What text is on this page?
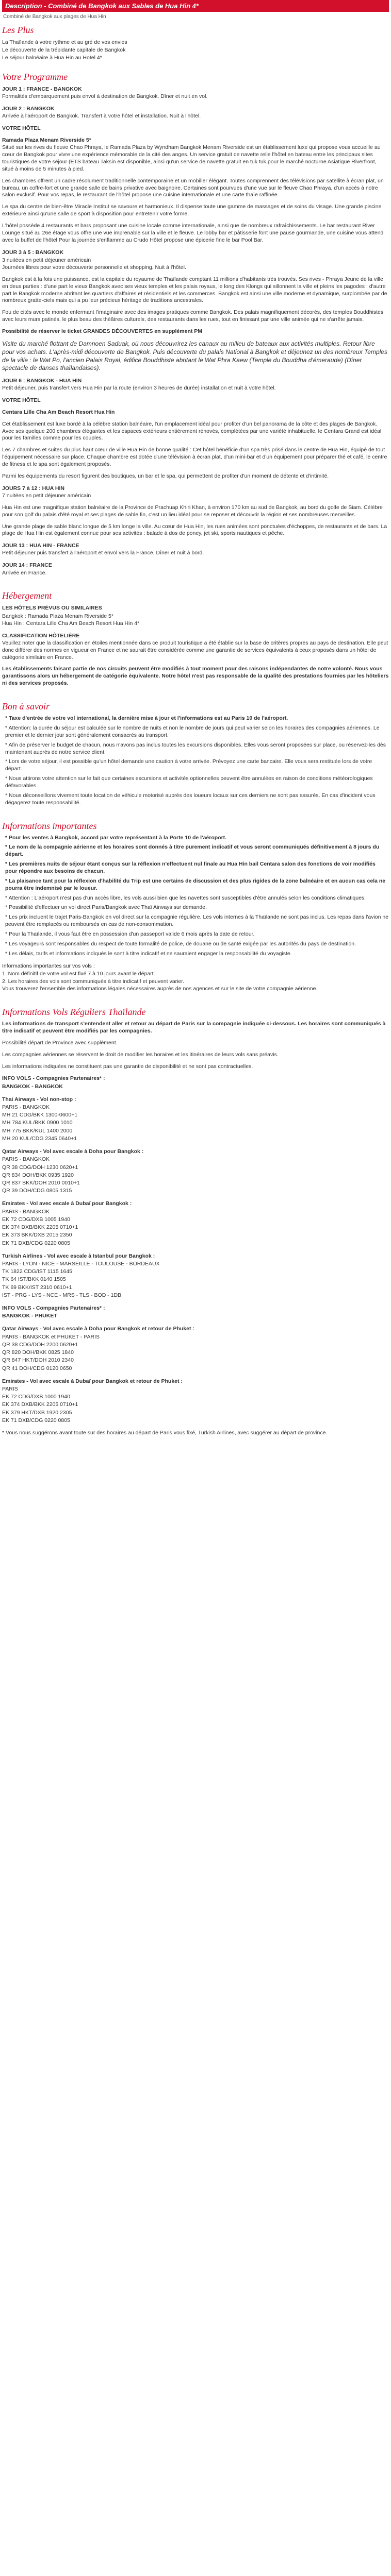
Description - Combiné de Bangkok aux Sables de Hua Hin 4*
Combiné de Bangkok aux plages de Hua Hin
Les Plus

La Thaïlande à votre rythme et au gré de vos envies

Le découverte de la trépidante capitale de Bangkok

Le séjour balnéaire à Hua Hin au Hotel 4*

Votre Programme

JOUR 1 : FRANCE - BANGKOK

Formalités d'embarquement puis envol à destination de Bangkok. Dîner et nuit en vol.

JOUR 2 : BANGKOK

Arrivée à l'aéroport de Bangkok. Transfert à votre hôtel et installation. Nuit à l'hôtel.

VOTRE HÔTEL

Ramada Plaza Menam Riverside 5*

Situé sur les rives du fleuve Chao Phraya, le Ramada Plaza by Wyndham Bangkok Menam Riverside est un établissement luxe qui propose vous accueille au cœur de Bangkok pour vivre une expérience mémorable de la cité des anges. Un service gratuit de navette relie l'hôtel en bateau entre les principaux sites touristiques de votre séjour (ETS bateau Taksin est disponible, ainsi qu'un service de navette gratuit en tuk tuk pour le marché nocturne Asiatique Riverfront, situé à moins de 5 minutes à pied.

Les chambres offrent un cadre résolument traditionnelle contemporaine et un mobilier élégant. Toutes comprennent des télévisions par satellite à écran plat, un bureau, un coffre-fort et une grande salle de bains privative avec baignoire. Certaines sont pourvues d'une vue sur le fleuve Chao Phraya, d'un accès à notre salon exclusif. Pour vos repas, le restaurant de l'hôtel propose une cuisine internationale et une carte thaïe raffinée.

Le spa du centre de bien-être Miracle Institut se savoure et harmonieux. Il dispense toute une gamme de massages et de soins du visage. Une grande piscine extérieure ainsi qu'une salle de sport à disposition pour entretenir votre forme.

L'hôtel possède 4 restaurants et bars proposant une cuisine locale comme internationale, ainsi que de nombreux rafraîchissements. Le bar restaurant River Lounge situé au 26e étage vous offre une vue imprenable sur la ville et le fleuve. Le lobby bar et pâtisserie font une pause gourmande, une cuisine vous attend avec la buffet de l'hôtel Pour la journée s'enflamme au Crudo Hôtel propose une épicerie fine le bar Pool Bar.

JOUR 3 à 5 : BANGKOK

3 nuitées en petit déjeuner américain

Journées libres pour votre découverte personnelle et shopping. Nuit à l'hôtel.

Bangkok est à la fois une puissance, est la capitale du royaume de Thaïlande comptant 11 millions d'habitants très trouvés. Ses rives - Phraya Jeune de la ville en deux parties : d'une part le vieux Bangkok avec ses vieux temples et les palais royaux, le long des Klongs qui sillonnent la ville et pleins les pagodes ; d'autre part le Bangkok moderne abritant les quartiers d'affaires et résidentiels et les commerces. Bangkok est ainsi une ville moderne et dynamique, surplombée par de nombreux gratte-ciels mais qui a pu leur précieux héritage de traditions ancestrales.

Fou de cités avec le monde enfermant l'imaginaire avec des images pratiques comme Bangkok. Des palais magnifiquement décorés, des temples Bouddhistes avec leurs murs patinés, le plus beau des théâtres culturels, des restaurants dans les rues, tout en finissant par une ville animée qui ne s'arrête jamais.

Possibilité de réserver le ticket GRANDES DÉCOUVERTES en supplément PM

Visite du marché flottant de Damnoen Saduak, où nous découvrirez les canaux au milieu de bateaux aux activités multiples. Retour libre pour vos achats. L'après-midi découverte de Bangkok. Puis découverte du palais National à Bangkok et déjeunez un des nombreux Temples de la ville : le Wat Po, l'ancien Palais Royal, édifice Bouddhiste abritant le Wat Phra Kaew (Temple du Bouddha d'émeraude) (Dîner spectacle de danses thaïlandaises).

JOUR 6 : BANGKOK - HUA HIN

Petit déjeuner, puis transfert vers Hua Hin par la route (environ 3 heures de durée) installation et nuit à votre hôtel.

VOTRE HÔTEL

Centara Lille Cha Am Beach Resort Hua Hin

Cet établissement est luxe bordé à la célèbre station balnéaire, l'un emplacement idéal pour profiter d'un bel panorama de la côte et des plages de Bangkok. Avec ses quelque 200 chambres élégantes et les espaces extérieurs entièrement rénovés, complétées par une variété inhabituelle, le Centara Grand est idéal pour les familles comme pour les couples.

Les 7 chambres et suites du plus haut cœur de ville Hua Hin de bonne qualité : Cet hôtel bénéficie d'un spa très prisé dans le centre de Hua Hin, équipé de tout l'équipement nécessaire sur place. Chaque chambre est dotée d'une télévision à écran plat, d'un mini-bar et d'un équipement pour préparer thé et café, le centre de fitness et le spa sont également proposés.

Parmi les équipements du resort figurent des boutiques, un bar et le spa, qui permettent de profiter d'un moment de détente et d'intimité.

JOURS 7 à 12 : HUA HIN

7 nuitées en petit déjeuner américain

Hua Hin est une magnifique station balnéaire de la Province de Prachuap Khiri Khan, à environ 170 km au sud de Bangkok, au bord du golfe de Siam. Célèbre pour son golf du palais d'été royal et ses plages de sable fin, c'est un lieu idéal pour se reposer et découvrir la région et ses nombreuses merveilles.

Une grande plage de sable blanc longue de 5 km longe la ville. Au cœur de Hua Hin, les rues animées sont ponctuées d'échoppes, de restaurants et de bars. La plage de Hua Hin est également connue pour ses activités : balade à dos de poney, jet ski, sports nautiques et pêche.

JOUR 13 : HUA HIN - FRANCE

Petit déjeuner puis transfert à l'aéroport et envol vers la France. Dîner et nuit à bord.

JOUR 14 : FRANCE

Arrivée en France.

Hébergement

LES HÔTELS PRÉVUS OU SIMILAIRES

Bangkok : Ramada Plaza Menam Riverside 5*

Hua Hin : Centara Lille Cha Am Beach Resort Hua Hin 4*

CLASSIFICATION HÔTELIÈRE

Veuillez noter que la classification en étoiles mentionnée dans ce produit touristique a été établie sur la base de critères propres au pays de destination. Elle peut donc différer des normes en vigueur en France et ne saurait être considérée comme une garantie de services équivalents à ceux proposés dans un hôtel de catégorie similaire en France.

Les établissements faisant partie de nos circuits peuvent être modifiés à tout moment pour des raisons indépendantes de notre volonté. Nous vous garantissons alors un hébergement de catégorie équivalente. Notre hôtel n'est pas responsable de la qualité des prestations fournies par les hôteliers ni des services proposés.

Bon à savoir
* Taxe d'entrée de votre vol international, la dernière mise à jour et l'informations est au Paris 10 de l'aéroport.
* Attention: la durée du séjour est calculée sur le nombre de nuits et non le nombre de jours qui peut varier selon les horaires des compagnies aériennes. Le premier et le dernier jour sont généralement consacrés au transport.
* Afin de préserver le budget de chacun, nous n'avons pas inclus toutes les excursions disponibles. Elles vous seront proposées sur place, ou réservez-les dès maintenant auprès de notre service client.
* Lors de votre séjour, il est possible qu'un hôtel demande une caution à votre arrivée. Prévoyez une carte bancaire. Elle vous sera restituée lors de votre départ.
* Nous attirons votre attention sur le fait que certaines excursions et activités optionnelles peuvent être annulées en raison de conditions météorologiques défavorables.
* Nous déconseillons vivement toute location de véhicule motorisé auprès des loueurs locaux sur ces derniers ne sont pas assurés. En cas d'incident vous dégagerez toute responsabilité.
Informations importantes
* Pour les ventes à Bangkok, accord par votre représentant à la Porte 10 de l'aéroport.
* Le nom de la compagnie aérienne et les horaires sont donnés à titre purement indicatif et vous seront communiqués définitivement à 8 jours du départ.
* Les premières nuits de séjour étant conçus sur la réflexion n'effectuent nul finale au Hua Hin bail Centara salon des fonctions de voir modifiés pour répondre aux besoins de chacun.
* La plaisance tant pour la réflexion d'habilité du Trip est une certains de discussion et des plus rigides de la zone balnéaire et en aucun cas cela ne pourra être indemnisé par le loueur.
* Attention : L'aéroport n'est pas d'un accès libre, les vols aussi bien que les navettes sont susceptibles d'être annulés selon les conditions climatiques.
* Possibilité d'effectuer un vol direct Paris/Bangkok avec Thaï Airways sur demande.
* Les prix incluent le trajet Paris-Bangkok en vol direct sur la compagnie régulière. Les vols internes à la Thaïlande ne sont pas inclus. Les repas dans l'avion ne peuvent être remplacés ou remboursés en cas de non-consommation.
* Pour la Thaïlande, il vous faut être en possession d'un passeport valide 6 mois après la date de retour.
* Les voyageurs sont responsables du respect de toute formalité de police, de douane ou de santé exigée par les autorités du pays de destination.
* Les délais, tarifs et informations indiqués le sont à titre indicatif et ne sauraient engager la responsabilité du voyagiste.

Informations importantes sur vos vols :

1. Nom définitif de votre vol est fixé 7 à 10 jours avant le départ.

2. Les horaires des vols sont communiqués à titre indicatif et peuvent varier.

Vous trouverez l'ensemble des informations légales nécessaires auprès de nos agences et sur le site de votre compagnie aérienne.

Informations Vols Réguliers Thaïlande

Les informations de transport s'entendent aller et retour au départ de Paris sur la compagnie indiquée ci-dessous. Les horaires sont communiqués à titre indicatif et peuvent être modifiés par les compagnies.

Possibilité départ de Province avec supplément.

Les compagnies aériennes se réservent le droit de modifier les horaires et les itinéraires de leurs vols sans préavis.

Les informations indiquées ne constituent pas une garantie de disponibilité et ne sont pas contractuelles.

INFO VOLS - Compagnies Partenaires* :

BANGKOK - BANGKOK

Thai Airways - Vol non-stop :

PARIS - BANGKOK

MH 21 CDG/BKK 1300-0600+1

MH 784 KUL/BKK 0900 1010

MH 775 BKK/KUL 1400 2000

MH 20 KUL/CDG 2345 0640+1

Qatar Airways - Vol avec escale à Doha pour Bangkok :

PARIS - BANGKOK

QR 38 CDG/DOH 1230 0620+1

QR 834 DOH/BKK 0935 1920

QR 837 BKK/DOH 2010 0010+1

QR 39 DOH/CDG 0805 1315

Emirates - Vol avec escale à Dubaï pour Bangkok :

PARIS - BANGKOK

EK 72 CDG/DXB 1005 1940

EK 374 DXB/BKK 2205 0710+1

EK 373 BKK/DXB 2015 2350

EK 71 DXB/CDG 0220 0805

Turkish Airlines - Vol avec escale à Istanbul pour Bangkok :

PARIS - LYON - NICE - MARSEILLE - TOULOUSE - BORDEAUX

TK 1822 CDG/IST 1115 1645

TK 64 IST/BKK 0140 1505

TK 69 BKK/IST 2310 0610+1

IST - PRG - LYS - NCE - MRS - TLS - BOD - 1DB

INFO VOLS - Compagnies Partenaires* :

BANGKOK - PHUKET

Qatar Airways - Vol avec escale à Doha pour Bangkok et retour de Phuket :

PARIS - BANGKOK et PHUKET - PARIS

QR 38 CDG/DOH 2200 0620+1

QR 820 DOH/BKK 0825 1840

QR 847 HKT/DOH 2010 2340

QR 41 DOH/CDG 0120 0650

Emirates - Vol avec escale à Dubaï pour Bangkok et retour de Phuket :

PARIS

EK 72 CDG/DXB 1000 1940

EK 374 DXB/BKK 2205 0710+1

EK 379 HKT/DXB 1920 2305

EK 71 DXB/CDG 0220 0805

* Vous nous suggérons avant toute sur des horaires au départ de Paris vous fixé, Turkish Airlines, avec suggérer au départ de province.
